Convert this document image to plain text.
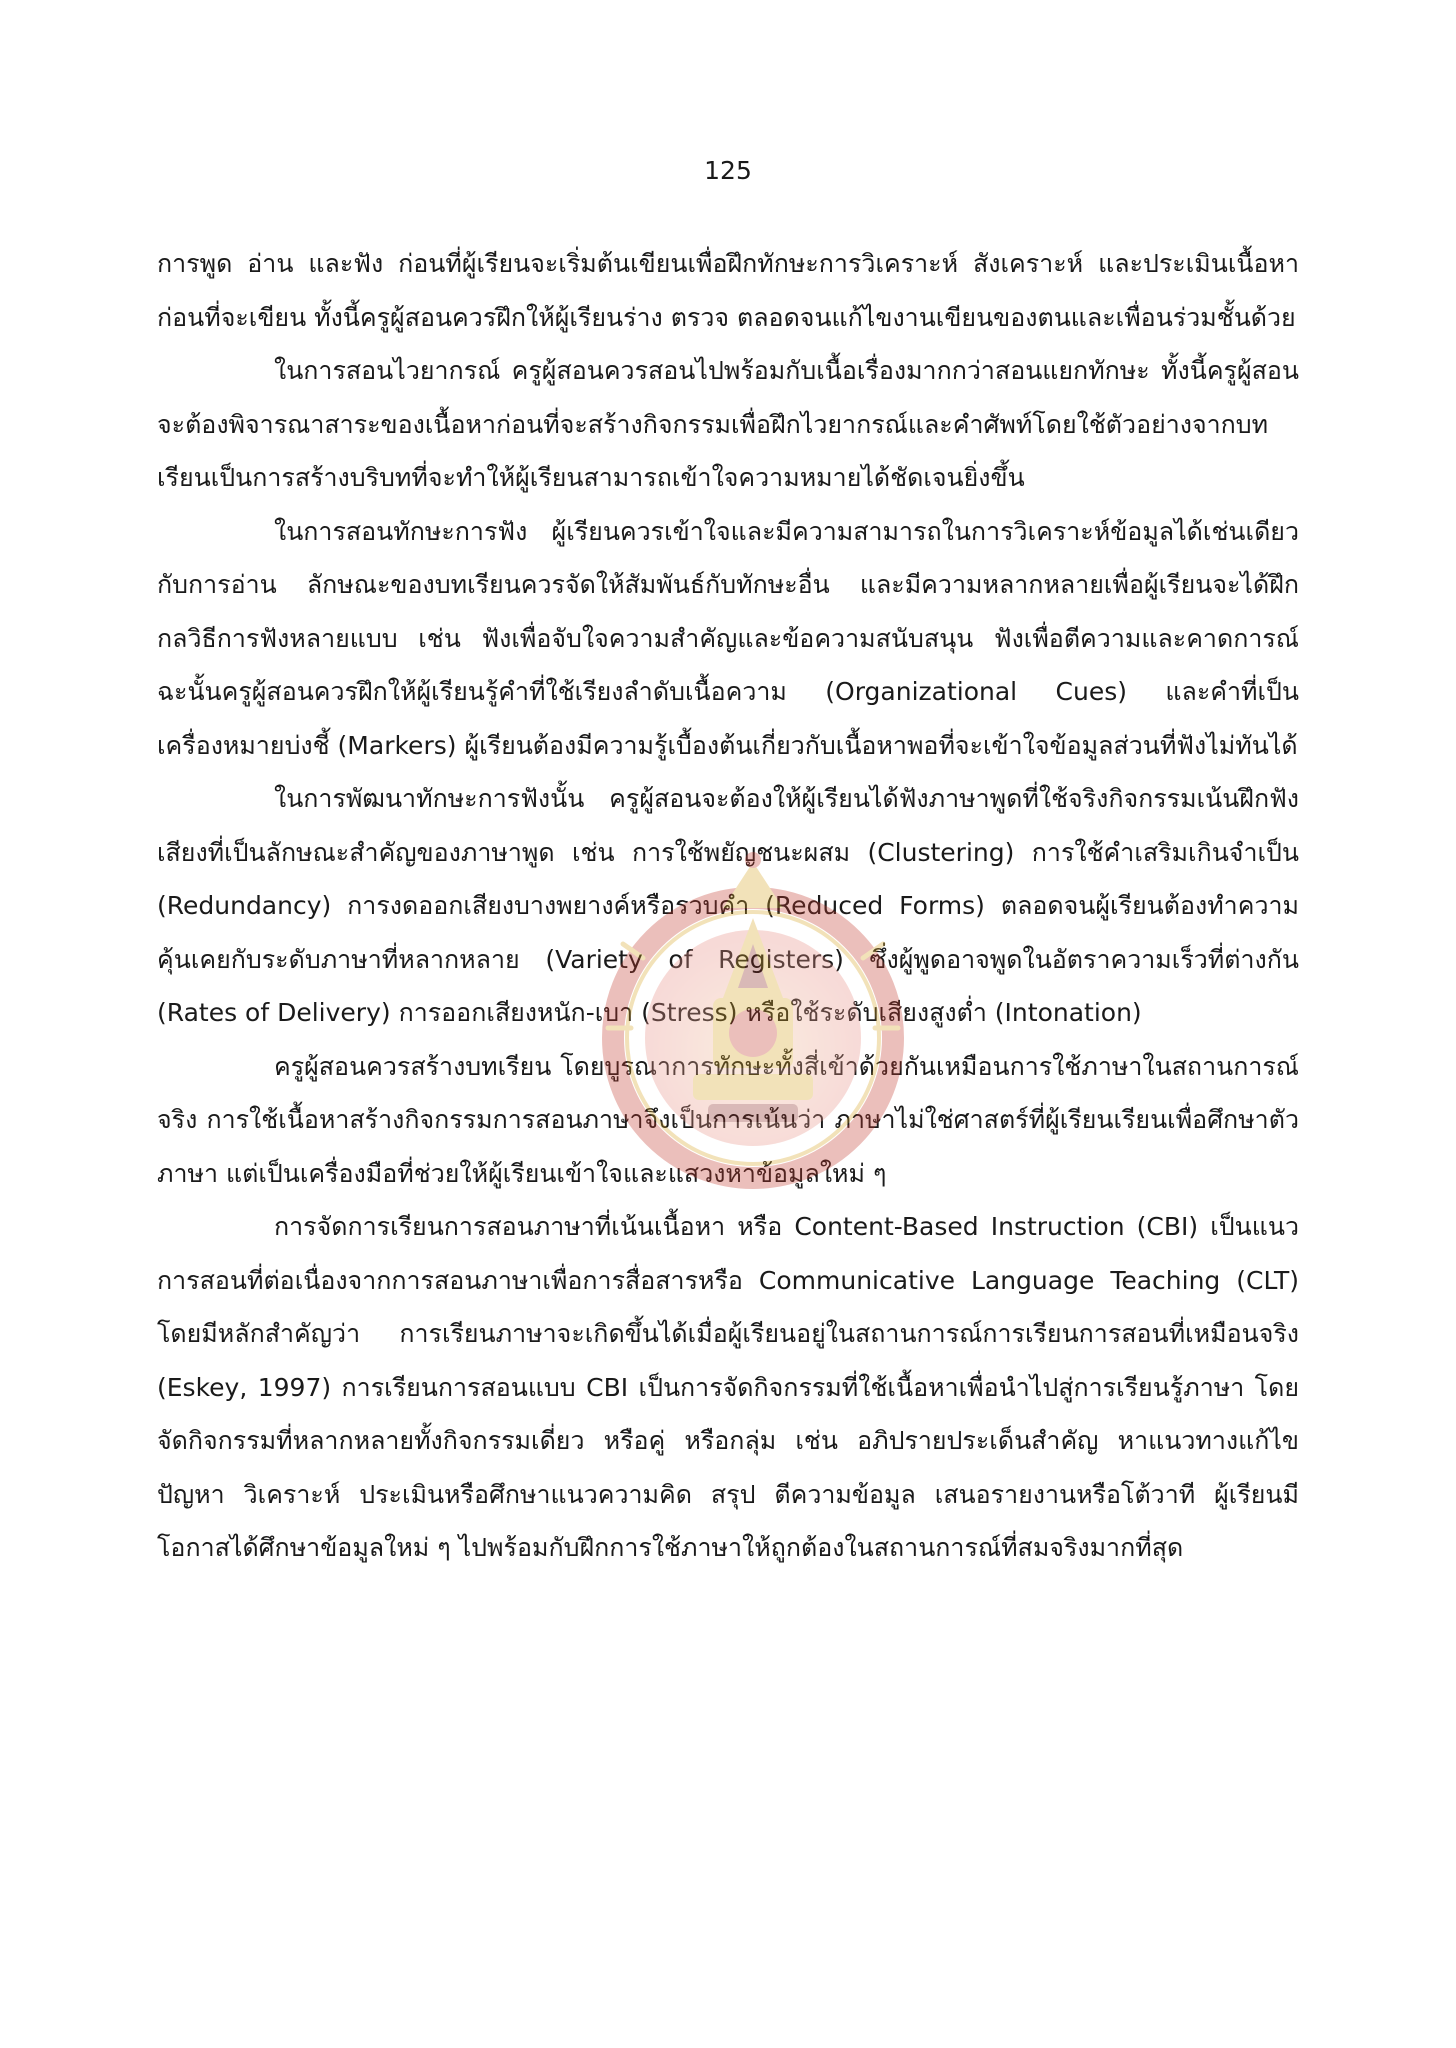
125

การพูด อ่าน และฟัง ก่อนที่ผู้เรียนจะเริ่มต้นเขียนเพื่อฝึกทักษะการวิเคราะห์ สังเคราะห์ และประเมินเนื้อหาก่อนที่จะเขียน ทั้งนี้ครูผู้สอนควรฝึกให้ผู้เรียนร่าง ตรวจ ตลอดจนแก้ไขงานเขียนของตนและเพื่อนร่วมชั้นด้วย

ในการสอนไวยากรณ์ ครูผู้สอนควรสอนไปพร้อมกับเนื้อเรื่องมากกว่าสอนแยกทักษะ ทั้งนี้ครูผู้สอนจะต้องพิจารณาสาระของเนื้อหาก่อนที่จะสร้างกิจกรรมเพื่อฝึกไวยากรณ์และคำศัพท์โดยใช้ตัวอย่างจากบทเรียนเป็นการสร้างบริบทที่จะทำให้ผู้เรียนสามารถเข้าใจความหมายได้ชัดเจนยิ่งขึ้น

ในการสอนทักษะการฟัง ผู้เรียนควรเข้าใจและมีความสามารถในการวิเคราะห์ข้อมูลได้เช่นเดียวกับการอ่าน ลักษณะของบทเรียนควรจัดให้สัมพันธ์กับทักษะอื่น และมีความหลากหลายเพื่อผู้เรียนจะได้ฝึกกลวิธีการฟังหลายแบบ เช่น ฟังเพื่อจับใจความสำคัญและข้อความสนับสนุน ฟังเพื่อตีความและคาดการณ์ ฉะนั้นครูผู้สอนควรฝึกให้ผู้เรียนรู้คำที่ใช้เรียงลำดับเนื้อความ (Organizational Cues) และคำที่เป็นเครื่องหมายบ่งชี้ (Markers) ผู้เรียนต้องมีความรู้เบื้องต้นเกี่ยวกับเนื้อหาพอที่จะเข้าใจข้อมูลส่วนที่ฟังไม่ทันได้

ในการพัฒนาทักษะการฟังนั้น ครูผู้สอนจะต้องให้ผู้เรียนได้ฟังภาษาพูดที่ใช้จริงกิจกรรมเน้นฝึกฟังเสียงที่เป็นลักษณะสำคัญของภาษาพูด เช่น การใช้พยัญชนะผสม (Clustering) การใช้คำเสริมเกินจำเป็น (Redundancy) การงดออกเสียงบางพยางค์หรือรวบคำ (Reduced Forms) ตลอดจนผู้เรียนต้องทำความคุ้นเคยกับระดับภาษาที่หลากหลาย (Variety of Registers) ซึ่งผู้พูดอาจพูดในอัตราความเร็วที่ต่างกัน (Rates of Delivery) การออกเสียงหนัก-เบา (Stress) หรือใช้ระดับเสียงสูงต่ำ (Intonation)

ครูผู้สอนควรสร้างบทเรียน โดยบูรณาการทักษะทั้งสี่เข้าด้วยกันเหมือนการใช้ภาษาในสถานการณ์จริง การใช้เนื้อหาสร้างกิจกรรมการสอนภาษาจึงเป็นการเน้นว่า ภาษาไม่ใช่ศาสตร์ที่ผู้เรียนเรียนเพื่อศึกษาตัวภาษา แต่เป็นเครื่องมือที่ช่วยให้ผู้เรียนเข้าใจและแสวงหาข้อมูลใหม่ ๆ

การจัดการเรียนการสอนภาษาที่เน้นเนื้อหา หรือ Content-Based Instruction (CBI) เป็นแนวการสอนที่ต่อเนื่องจากการสอนภาษาเพื่อการสื่อสารหรือ Communicative Language Teaching (CLT) โดยมีหลักสำคัญว่า การเรียนภาษาจะเกิดขึ้นได้เมื่อผู้เรียนอยู่ในสถานการณ์การเรียนการสอนที่เหมือนจริง (Eskey, 1997) การเรียนการสอนแบบ CBI เป็นการจัดกิจกรรมที่ใช้เนื้อหาเพื่อนำไปสู่การเรียนรู้ภาษา โดยจัดกิจกรรมที่หลากหลายทั้งกิจกรรมเดี่ยว หรือคู่ หรือกลุ่ม เช่น อภิปรายประเด็นสำคัญ หาแนวทางแก้ไขปัญหา วิเคราะห์ ประเมินหรือศึกษาแนวความคิด สรุป ตีความข้อมูล เสนอรายงานหรือโต้วาที ผู้เรียนมีโอกาสได้ศึกษาข้อมูลใหม่ ๆ ไปพร้อมกับฝึกการใช้ภาษาให้ถูกต้องในสถานการณ์ที่สมจริงมากที่สุด
